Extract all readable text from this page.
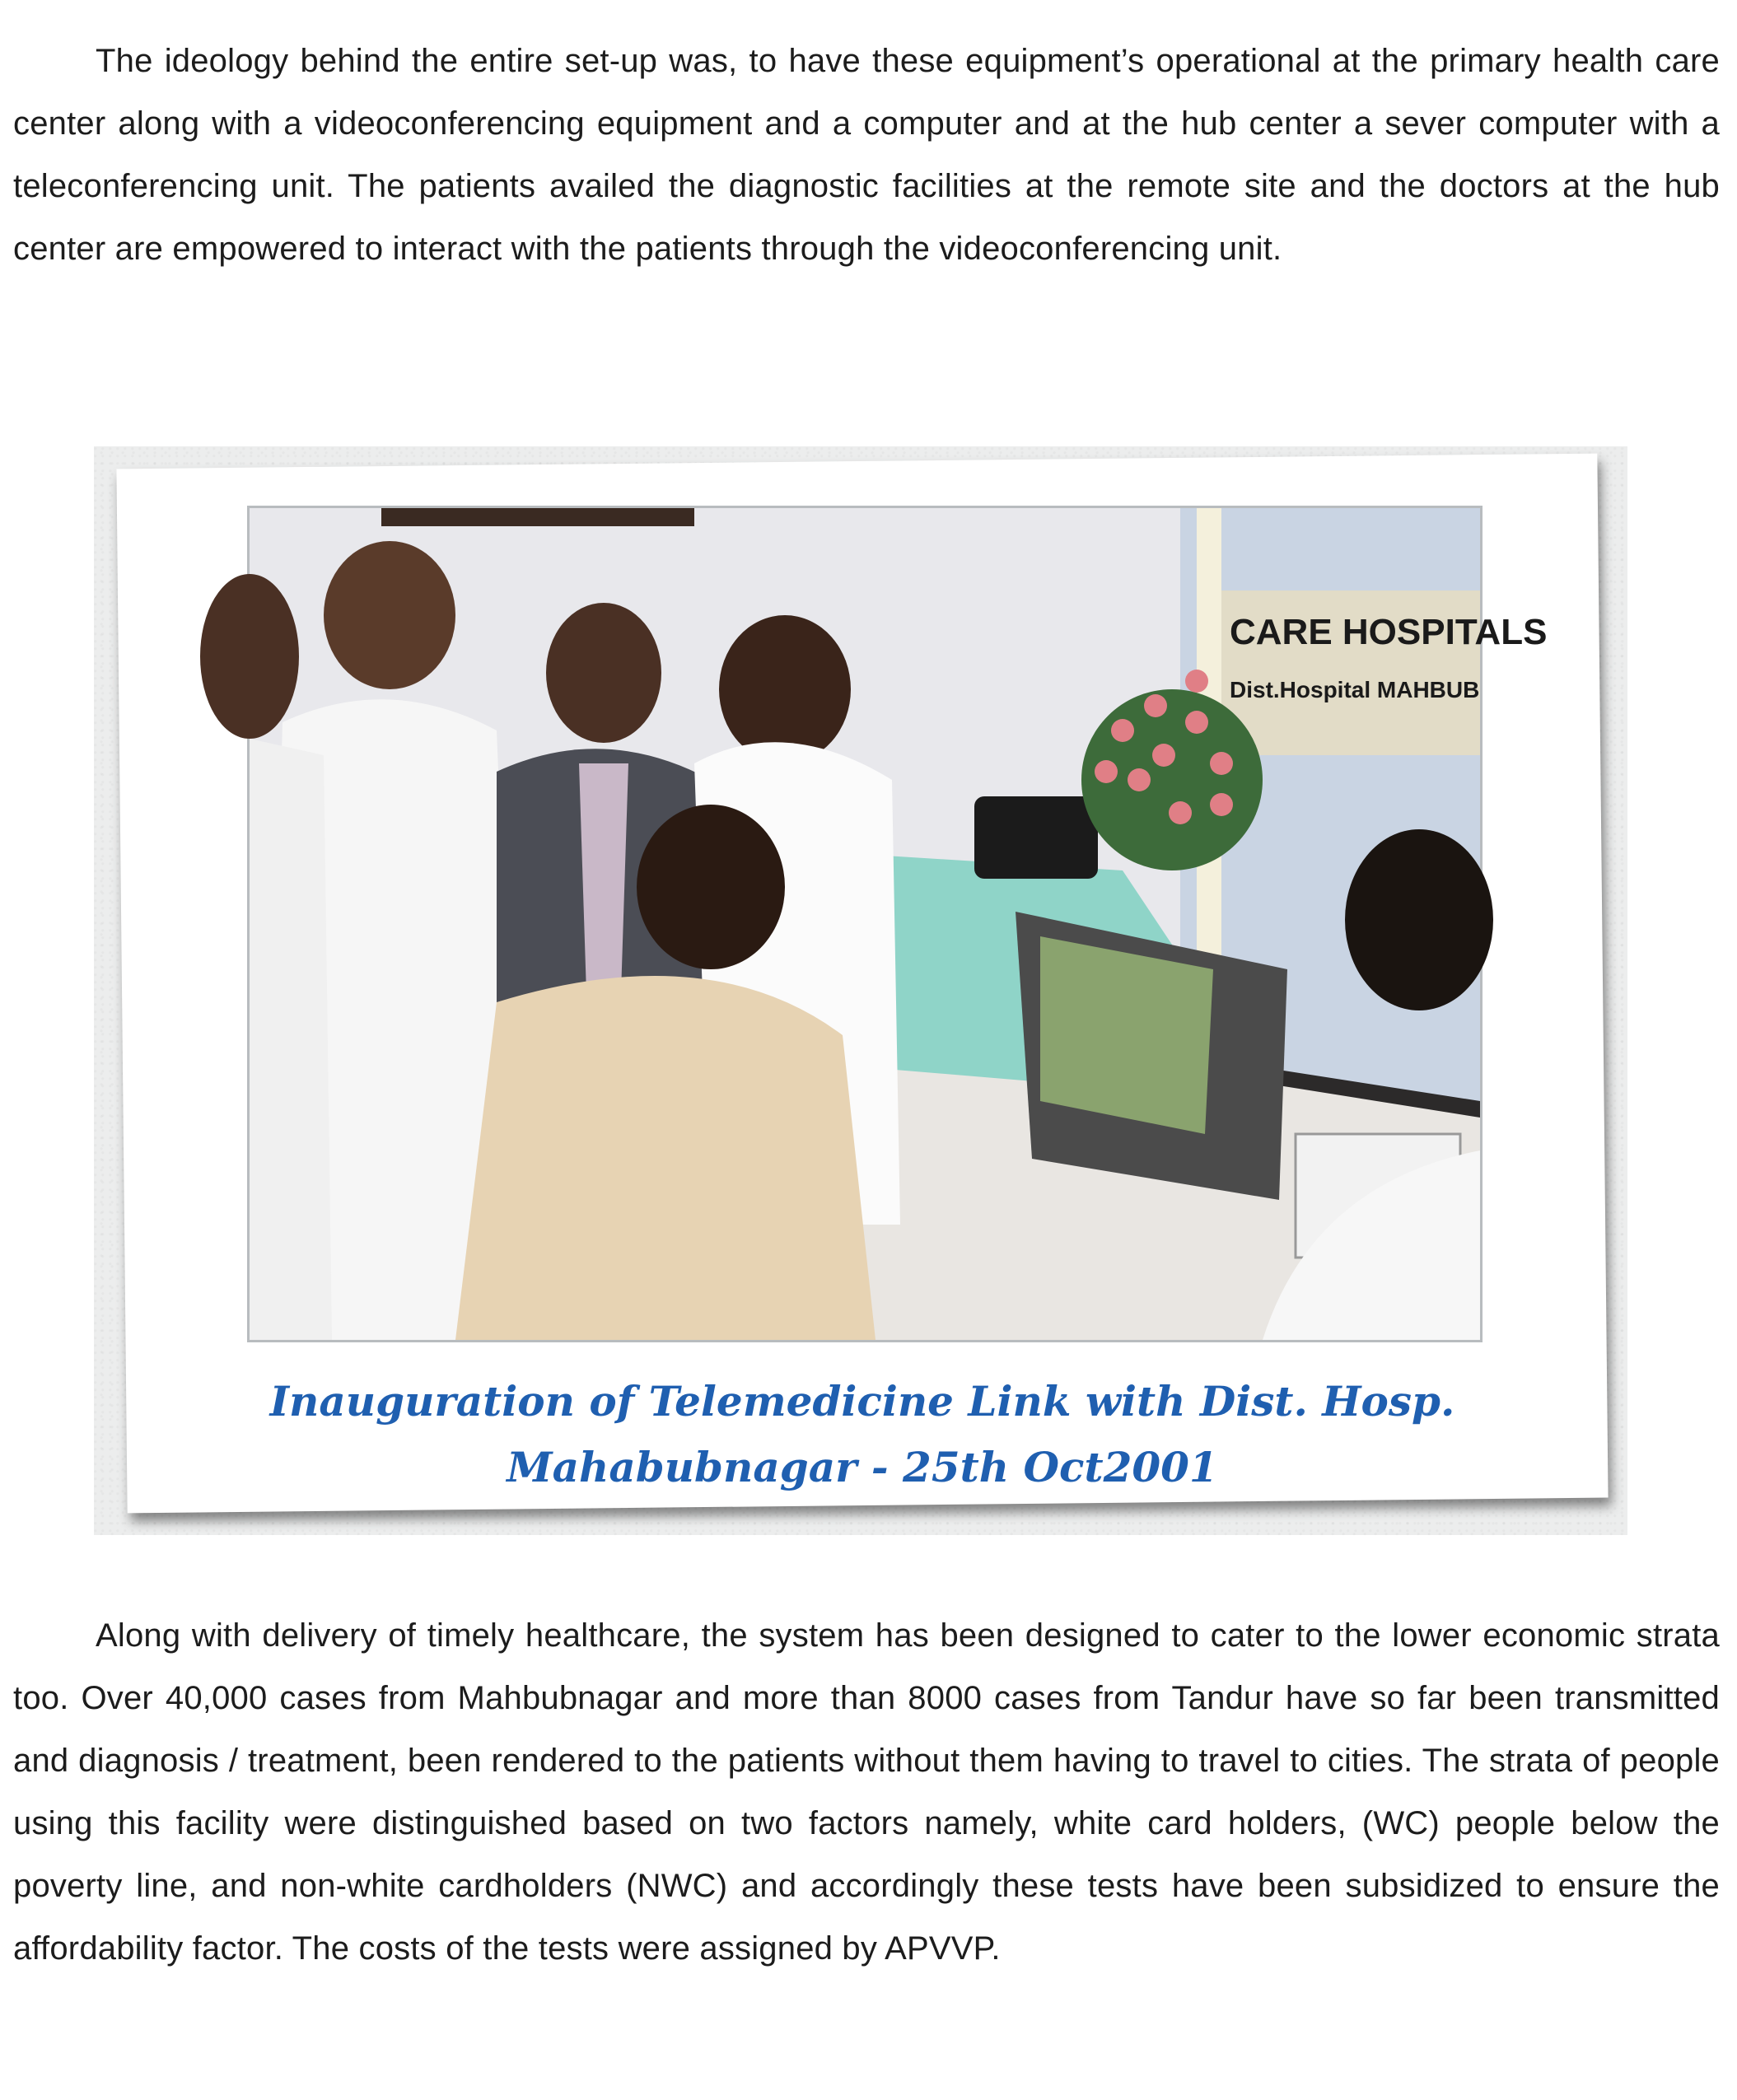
The ideology behind the entire set-up was, to have these equipment’s operational at the primary health care center along with a videoconferencing equipment and a computer and at the hub center a sever computer with a teleconferencing unit. The patients availed the diagnostic facilities at the remote site and the doctors at the hub center are empowered to interact with the patients through the videoconferencing unit.

CARE HOSPITALS
Dist.Hospital MAHBUB

Inauguration of Telemedicine Link with Dist. Hosp.

Mahabubnagar - 25th Oct2001

Along with delivery of timely healthcare, the system has been designed to cater to the lower economic strata too. Over 40,000 cases from Mahbubnagar and more than 8000 cases from Tandur have so far been transmitted and diagnosis / treatment, been rendered to the patients without them having to travel to cities. The strata of people using this facility were distinguished based on two factors namely, white card holders, (WC) people below the poverty line, and non-white cardholders (NWC) and accordingly these tests have been subsidized to ensure the affordability factor. The costs of the tests were assigned by APVVP.
